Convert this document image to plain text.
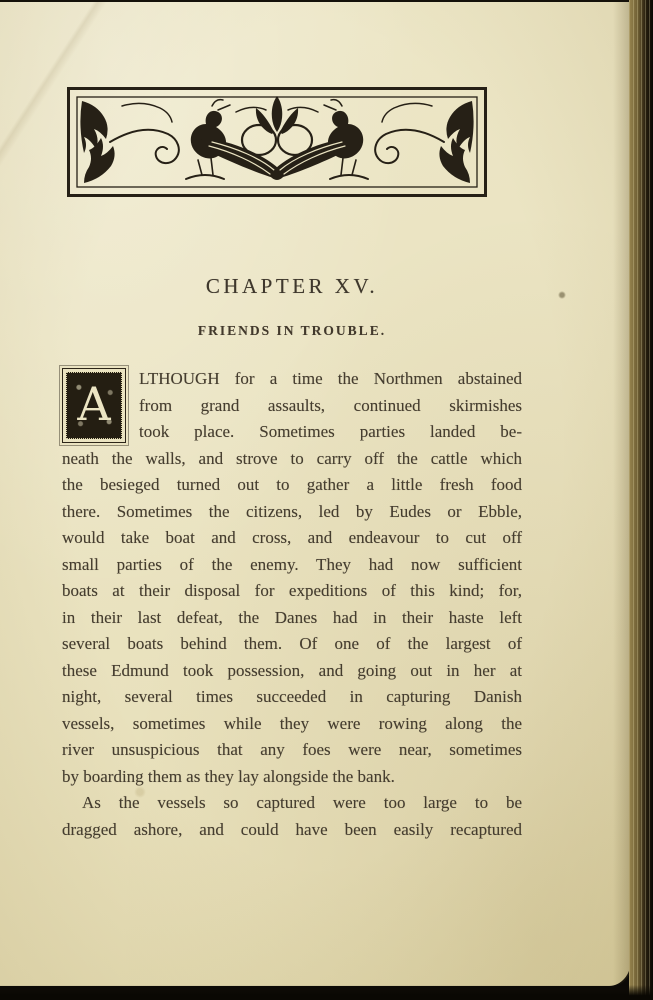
CHAPTER XV.
FRIENDS IN TROUBLE.
A	LTHOUGH for a time the Northmen abstained
from grand assaults, continued skirmishes
took place. Sometimes parties landed be-
neath the walls, and strove to carry off the cattle which
the besieged turned out to gather a little fresh food
there. Sometimes the citizens, led by Eudes or Ebble,
would take boat and cross, and endeavour to cut off
small parties of the enemy. They had now sufficient
boats at their disposal for expeditions of this kind; for,
in their last defeat, the Danes had in their haste left
several boats behind them. Of one of the largest of
these Edmund took possession, and going out in her at
night, several times succeeded in capturing Danish
vessels, sometimes while they were rowing along the
river unsuspicious that any foes were near, sometimes
by boarding them as they lay alongside the bank.
As the vessels so captured were too large to be
dragged ashore, and could have been easily recaptured
